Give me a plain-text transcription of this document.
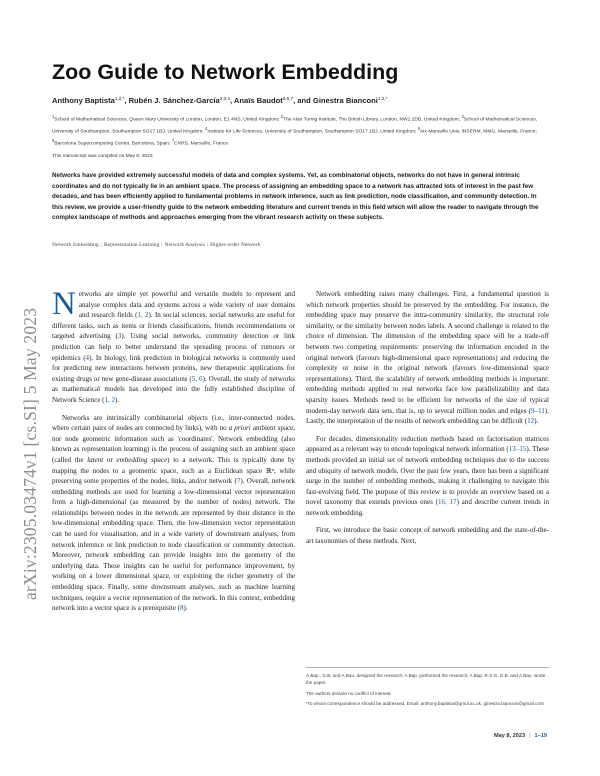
arXiv:2305.03474v1 [cs.SI] 5 May 2023
Zoo Guide to Network Embedding
Anthony Baptista$^{1,2,*}$, Rubén J. Sánchez-García$^{2,3,4}$, Anaïs Baudot$^{5,6,7}$, and Ginestra Bianconi$^{1,2,*}$
$^1$School of Mathematical Sciences, Queen Mary University of London, London, E1 4NS, United Kingdom; $^2$The Alan Turing Institute, The British Library, London, NW1 2DB, United Kingdom; $^3$School of Mathematical Sciences, University of Southampton, Southampton SO17 1BJ, United Kingdom; $^4$Institute for Life Sciences, University of Southampton, Southampton SO17 1BJ, United Kingdom; $^5$Aix-Marseille Univ, INSERM, MMG, Marseille, France; $^6$Barcelona Supercomputing Center, Barcelona, Spain; $^7$CNRS, Marseille, France
This manuscript was compiled on May 8, 2023
Networks have provided extremely successful models of data and complex systems. Yet, as combinatorial objects, networks do not have in general intrinsic coordinates and do not typically lie in an ambient space. The process of assigning an embedding space to a network has attracted lots of interest in the past few decades, and has been efficiently applied to fundamental problems in network inference, such as link prediction, node classification, and community detection. In this review, we provide a user-friendly guide to the network embedding literature and current trends in this field which will allow the reader to navigate through the complex landscape of methods and approaches emerging from the vibrant research activity on these subjects.
Network Embedding | Representation Learning | Network Analysis | Higher-order Network

Networks are simple yet powerful and versatile models to represent and analyse complex data and systems across a wide variety of user domains and research fields (1, 2). In social sciences, social networks are useful for different tasks, such as items or friends classifications, friends recommendations or targeted advertising (3). Using social networks, community detection or link prediction can help to better understand the spreading process of rumours or epidemics (4). In biology, link prediction in biological networks is commonly used for predicting new interactions between proteins, new therapeutic applications for existing drugs or new gene-disease associations (5, 6). Overall, the study of networks as mathematical models has developed into the fully established discipline of Network Science (1, 2).

Networks are intrinsically combinatorial objects (i.e., inter-connected nodes, where certain pairs of nodes are connected by links), with no a priori ambient space, nor node geometric information such as 'coordinates'. Network embedding (also known as representation learning) is the process of assigning such an ambient space (called the latent or embedding space) to a network. This is typically done by mapping the nodes to a geometric space, such as a Euclidean space ℝⁿ, while preserving some properties of the nodes, links, and/or network (7). Overall, network embedding methods are used for learning a low-dimensional vector representation from a high-dimensional (as measured by the number of nodes) network. The relationships between nodes in the network are represented by their distance in the low-dimensional embedding space. Then, the low-dimension vector representation can be used for visualisation, and in a wide variety of downstream analyses, from network inference or link prediction to node classification or community detection. Moreover, network embedding can provide insights into the geometry of the underlying data. These insights can be useful for performance improvement, by working on a lower dimensional space, or exploiting the richer geometry of the embedding space. Finally, some downstream analyses, such as machine learning techniques, require a vector representation of the network. In this context, embedding network into a vector space is a prerequisite (8).

Network embedding raises many challenges. First, a fundamental question is which network properties should be preserved by the embedding. For instance, the embedding space may preserve the intra-community similarity, the structural role similarity, or the similarity between nodes labels. A second challenge is related to the choice of dimension. The dimension of the embedding space will be a trade-off between two competing requirements: preserving the information encoded in the original network (favours high-dimensional space representations) and reducing the complexity or noise in the original network (favours low-dimensional space representations). Third, the scalability of network embedding methods is important: embedding methods applied to real networks face low parallelizability and data sparsity issues. Methods need to be efficient for networks of the size of typical modern-day network data sets, that is, up to several million nodes and edges (9–11). Lastly, the interpretation of the results of network embedding can be difficult (12).

For decades, dimensionality reduction methods based on factorisation matrices appeared as a relevant way to encode topological network information (13–15). These methods provided an initial set of network embedding techniques due to the success and ubiquity of network models. Over the past few years, there has been a significant surge in the number of embedding methods, making it challenging to navigate this fast-evolving field. The purpose of this review is to provide an overview based on a novel taxonomy that extends previous ones (16, 17) and describe current trends in network embedding.

First, we introduce the basic concept of network embedding and the state-of-the-art taxonomies of these methods. Next,

A.Bap., G.B. and A.Bau. designed the research; A.Bap. performed the research; A.Bap, R.S-G, G.B. and A.Bau. wrote the paper.

The authors declare no conflict of interest.

¹To whom correspondence should be addressed. Email: anthony.baptista@qmul.ac.uk, ginestra.bianconi@gmail.com

May 8, 2023 | 1–19
